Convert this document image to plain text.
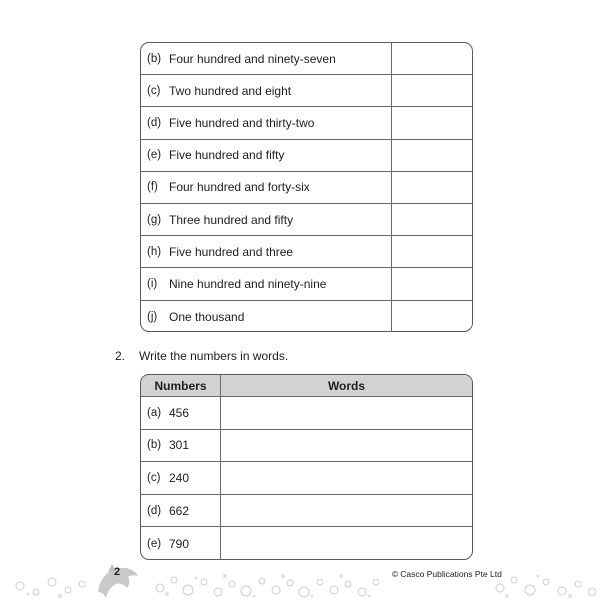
(b) Four hundred and ninety-seven
(c) Two hundred and eight
(d) Five hundred and thirty-two
(e) Five hundred and fifty
(f) Four hundred and forty-six
(g) Three hundred and fifty
(h) Five hundred and three
(i) Nine hundred and ninety-nine
(j) One thousand
2.	Write the numbers in words.
Numbers	Words
(a) 456
(b) 301
(c) 240
(d) 662
(e) 790
2	© Casco Publications Pte Ltd
